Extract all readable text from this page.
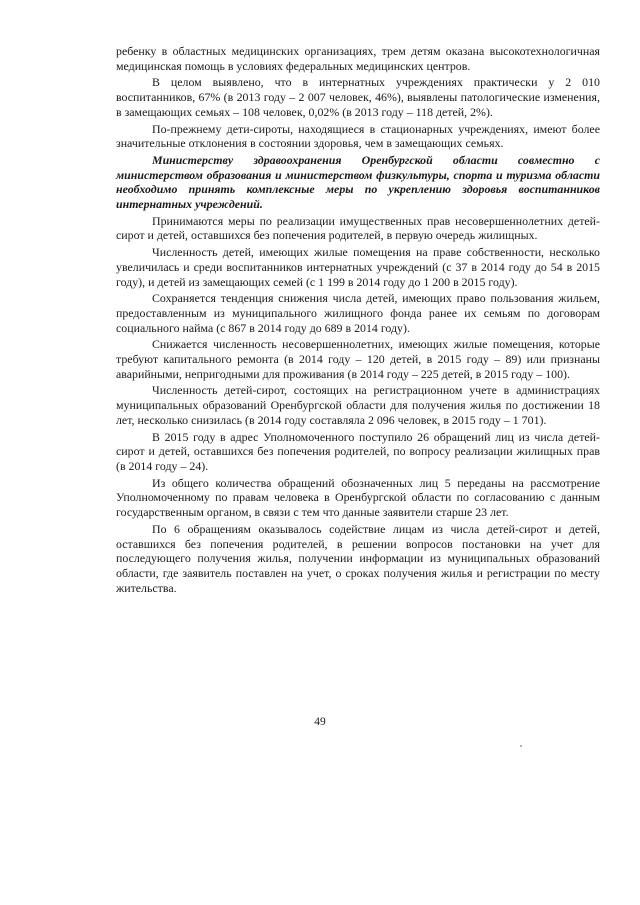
ребенку в областных медицинских организациях, трем детям оказана высокотехнологичная медицинская помощь в условиях федеральных медицинских центров.

В целом выявлено, что в интернатных учреждениях практически у 2 010 воспитанников, 67% (в 2013 году – 2 007 человек, 46%), выявлены патологические изменения, в замещающих семьях – 108 человек, 0,02% (в 2013 году – 118 детей, 2%).

По-прежнему дети-сироты, находящиеся в стационарных учреждениях, имеют более значительные отклонения в состоянии здоровья, чем в замещающих семьях.

Министерству здравоохранения Оренбургской области совместно с министерством образования и министерством физкультуры, спорта и туризма области необходимо принять комплексные меры по укреплению здоровья воспитанников интернатных учреждений.

Принимаются меры по реализации имущественных прав несовершеннолетних детей-сирот и детей, оставшихся без попечения родителей, в первую очередь жилищных.

Численность детей, имеющих жилые помещения на праве собственности, несколько увеличилась и среди воспитанников интернатных учреждений (с 37 в 2014 году до 54 в 2015 году), и детей из замещающих семей (с 1 199 в 2014 году до 1 200 в 2015 году).

Сохраняется тенденция снижения числа детей, имеющих право пользования жильем, предоставленным из муниципального жилищного фонда ранее их семьям по договорам социального найма (с 867 в 2014 году до 689 в 2014 году).

Снижается численность несовершеннолетних, имеющих жилые помещения, которые требуют капитального ремонта (в 2014 году – 120 детей, в 2015 году – 89) или признаны аварийными, непригодными для проживания (в 2014 году – 225 детей, в 2015 году – 100).

Численность детей-сирот, состоящих на регистрационном учете в администрациях муниципальных образований Оренбургской области для получения жилья по достижении 18 лет, несколько снизилась (в 2014 году составляла 2 096 человек, в 2015 году – 1 701).

В 2015 году в адрес Уполномоченного поступило 26 обращений лиц из числа детей-сирот и детей, оставшихся без попечения родителей, по вопросу реализации жилищных прав (в 2014 году – 24).

Из общего количества обращений обозначенных лиц 5 переданы на рассмотрение Уполномоченному по правам человека в Оренбургской области по согласованию с данным государственным органом, в связи с тем что данные заявители старше 23 лет.

По 6 обращениям оказывалось содействие лицам из числа детей-сирот и детей, оставшихся без попечения родителей, в решении вопросов постановки на учет для последующего получения жилья, получении информации из муниципальных образований области, где заявитель поставлен на учет, о сроках получения жилья и регистрации по месту жительства.

49
